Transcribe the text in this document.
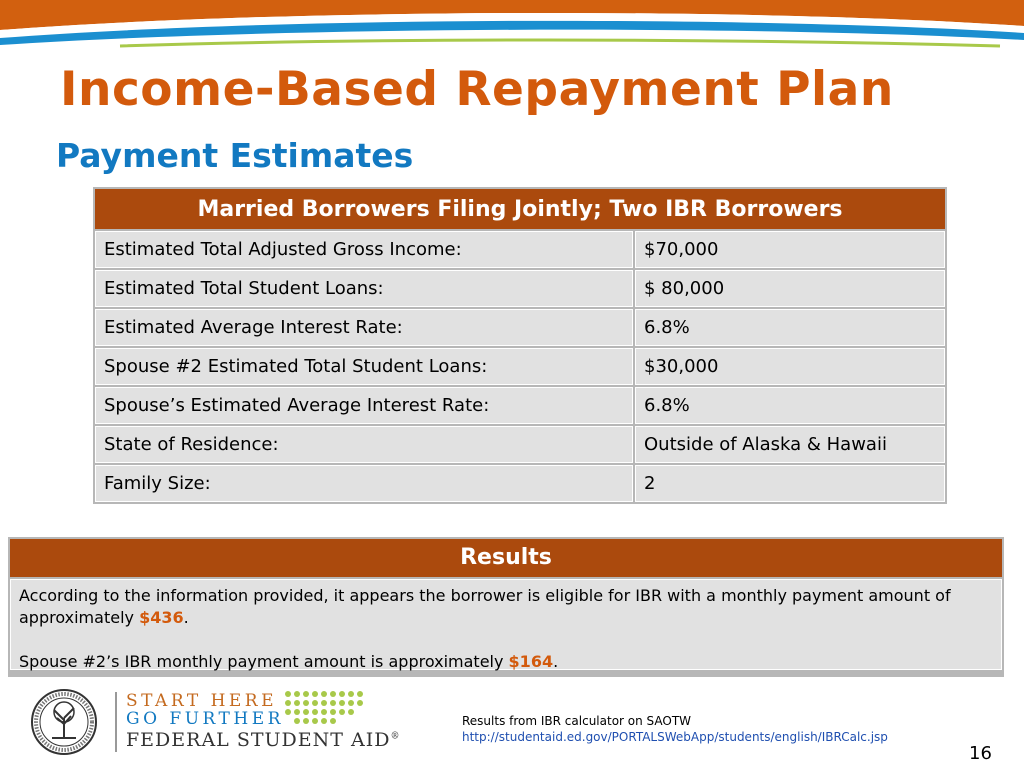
Income-Based Repayment Plan
Payment Estimates
Married Borrowers Filing Jointly; Two IBR Borrowers	
Estimated Total Adjusted Gross Income:	$70,000
Estimated Total Student Loans:	$ 80,000
Estimated Average Interest Rate:	6.8%
Spouse #2 Estimated Total Student Loans:	$30,000
Spouse’s Estimated Average Interest Rate:	6.8%
State of Residence:	Outside of Alaska & Hawaii
Family Size:	2
Results

According to the information provided, it appears the borrower is eligible for IBR with a monthly payment amount of approximately $436.

Spouse #2’s IBR monthly payment amount is approximately $164.

START HERE
GO FURTHER
FEDERAL STUDENT AID®
Results from IBR calculator on SAOTW
http://studentaid.ed.gov/PORTALSWebApp/students/english/IBRCalc.jsp
16
